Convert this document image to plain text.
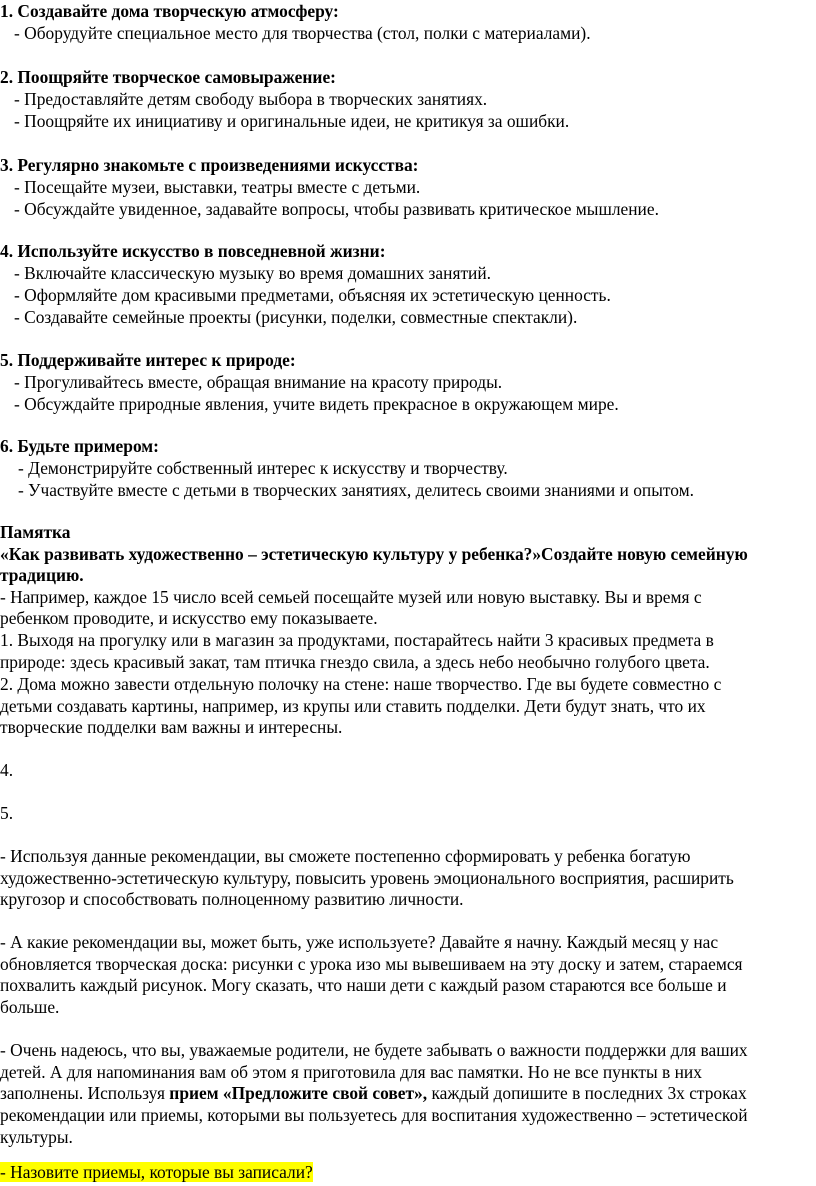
1. Создавайте дома творческую атмосферу:
- Оборудуйте специальное место для творчества (стол, полки с материалами).
2. Поощряйте творческое самовыражение:
- Предоставляйте детям свободу выбора в творческих занятиях.
- Поощряйте их инициативу и оригинальные идеи, не критикуя за ошибки.
3. Регулярно знакомьте с произведениями искусства:
- Посещайте музеи, выставки, театры вместе с детьми.
- Обсуждайте увиденное, задавайте вопросы, чтобы развивать критическое мышление.
4. Используйте искусство в повседневной жизни:
- Включайте классическую музыку во время домашних занятий.
- Оформляйте дом красивыми предметами, объясняя их эстетическую ценность.
- Создавайте семейные проекты (рисунки, поделки, совместные спектакли).
5. Поддерживайте интерес к природе:
- Прогуливайтесь вместе, обращая внимание на красоту природы.
- Обсуждайте природные явления, учите видеть прекрасное в окружающем мире.
6. Будьте примером:
- Демонстрируйте собственный интерес к искусству и творчеству.
- Участвуйте вместе с детьми в творческих занятиях, делитесь своими знаниями и опытом.
Памятка
«Как развивать художественно – эстетическую культуру у ребенка?»Создайте новую семейную
традицию.
- Например, каждое 15 число всей семьей посещайте музей или новую выставку. Вы и время с
ребенком проводите, и искусство ему показываете.
1. Выходя на прогулку или в магазин за продуктами, постарайтесь найти 3 красивых предмета в
природе: здесь красивый закат, там птичка гнездо свила, а здесь небо необычно голубого цвета.
2. Дома можно завести отдельную полочку на стене: наше творчество. Где вы будете совместно с
детьми создавать картины, например, из крупы или ставить подделки. Дети будут знать, что их
творческие подделки вам важны и интересны.
4.
5.
- Используя данные рекомендации, вы сможете постепенно сформировать у ребенка богатую
художественно-эстетическую культуру, повысить уровень эмоционального восприятия, расширить
кругозор и способствовать полноценному развитию личности.
- А какие рекомендации вы, может быть, уже используете? Давайте я начну. Каждый месяц у нас
обновляется творческая доска: рисунки с урока изо мы вывешиваем на эту доску и затем, стараемся
похвалить каждый рисунок. Могу сказать, что наши дети с каждый разом стараются все больше и
больше.
- Очень надеюсь, что вы, уважаемые родители, не будете забывать о важности поддержки для ваших
детей. А для напоминания вам об этом я приготовила для вас памятки. Но не все пункты в них
заполнены. Используя прием «Предложите свой совет», каждый допишите в последних 3х строках
рекомендации или приемы, которыми вы пользуетесь для воспитания художественно – эстетической
культуры.
- Назовите приемы, которые вы записали?
